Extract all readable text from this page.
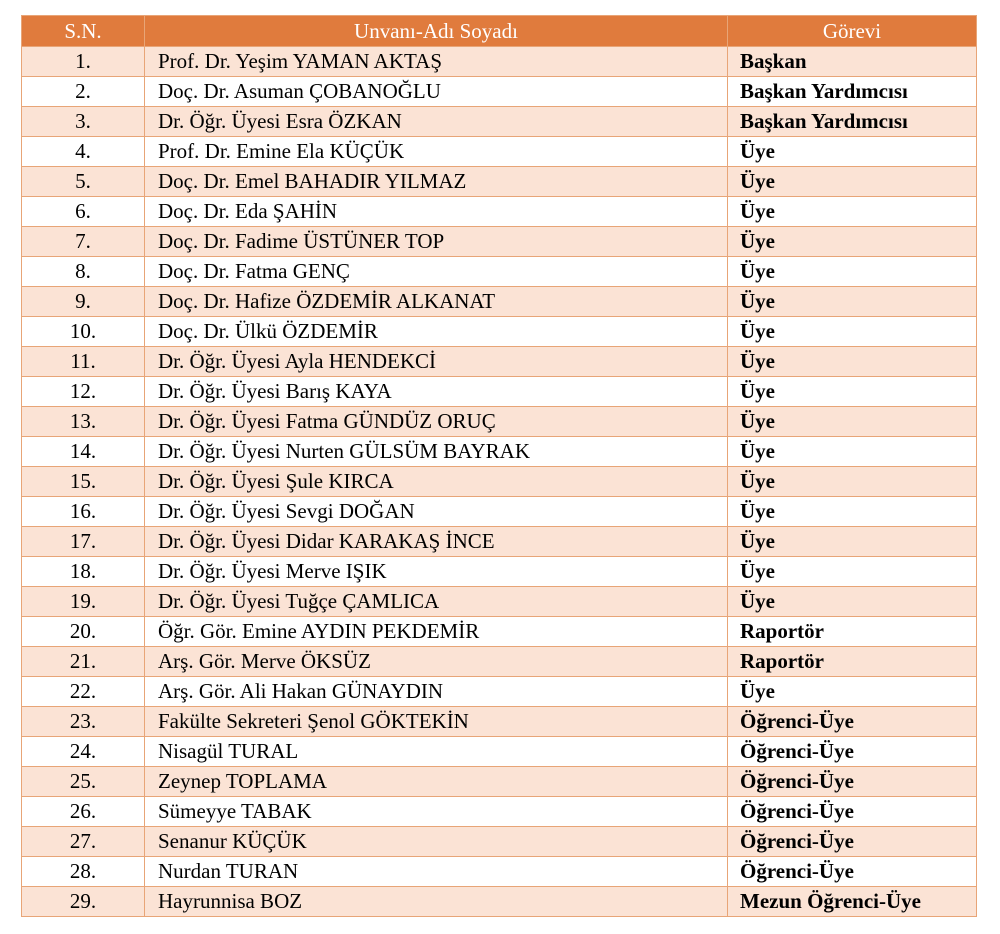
S.N.	Unvanı-Adı Soyadı	Görevi
1.	Prof. Dr. Yeşim YAMAN AKTAŞ	Başkan
2.	Doç. Dr. Asuman ÇOBANOĞLU	Başkan Yardımcısı
3.	Dr. Öğr. Üyesi Esra ÖZKAN	Başkan Yardımcısı
4.	Prof. Dr. Emine Ela KÜÇÜK	Üye
5.	Doç. Dr. Emel BAHADIR YILMAZ	Üye
6.	Doç. Dr. Eda ŞAHİN	Üye
7.	Doç. Dr. Fadime ÜSTÜNER TOP	Üye
8.	Doç. Dr. Fatma GENÇ	Üye
9.	Doç. Dr. Hafize ÖZDEMİR ALKANAT	Üye
10.	Doç. Dr. Ülkü ÖZDEMİR	Üye
11.	Dr. Öğr. Üyesi Ayla HENDEKCİ	Üye
12.	Dr. Öğr. Üyesi Barış KAYA	Üye
13.	Dr. Öğr. Üyesi Fatma GÜNDÜZ ORUÇ	Üye
14.	Dr. Öğr. Üyesi Nurten GÜLSÜM BAYRAK	Üye
15.	Dr. Öğr. Üyesi Şule KIRCA	Üye
16.	Dr. Öğr. Üyesi Sevgi DOĞAN	Üye
17.	Dr. Öğr. Üyesi Didar KARAKAŞ İNCE	Üye
18.	Dr. Öğr. Üyesi Merve IŞIK	Üye
19.	Dr. Öğr. Üyesi Tuğçe ÇAMLICA	Üye
20.	Öğr. Gör. Emine AYDIN PEKDEMİR	Raportör
21.	Arş. Gör. Merve ÖKSÜZ	Raportör
22.	Arş. Gör. Ali Hakan GÜNAYDIN	Üye
23.	Fakülte Sekreteri Şenol GÖKTEKİN	Öğrenci-Üye
24.	Nisagül TURAL	Öğrenci-Üye
25.	Zeynep TOPLAMA	Öğrenci-Üye
26.	Sümeyye TABAK	Öğrenci-Üye
27.	Senanur KÜÇÜK	Öğrenci-Üye
28.	Nurdan TURAN	Öğrenci-Üye
29.	Hayrunnisa BOZ	Mezun Öğrenci-Üye
